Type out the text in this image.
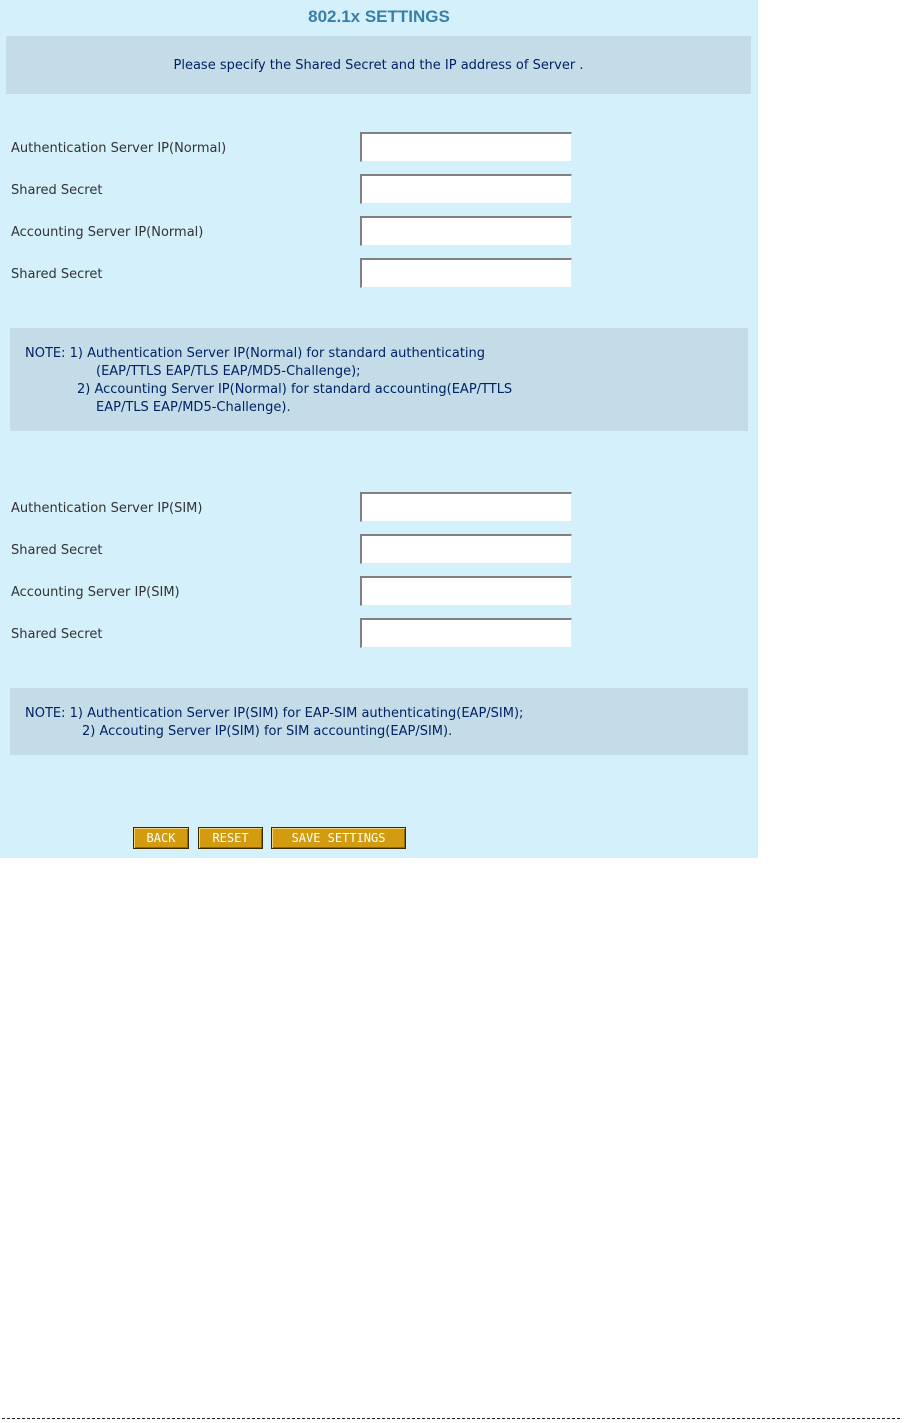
802.1x SETTINGS
Please specify the Shared Secret and the IP address of Server .
Authentication Server IP(Normal)
Shared Secret
Accounting Server IP(Normal)
Shared Secret
NOTE: 1) Authentication Server IP(Normal) for standard authenticating
(EAP/TTLS EAP/TLS EAP/MD5-Challenge);
2) Accounting Server IP(Normal) for standard accounting(EAP/TTLS
EAP/TLS EAP/MD5-Challenge).
Authentication Server IP(SIM)
Shared Secret
Accounting Server IP(SIM)
Shared Secret
NOTE: 1) Authentication Server IP(SIM) for EAP-SIM authenticating(EAP/SIM);
2) Accouting Server IP(SIM) for SIM accounting(EAP/SIM).
BACK	RESET	SAVE SETTINGS
